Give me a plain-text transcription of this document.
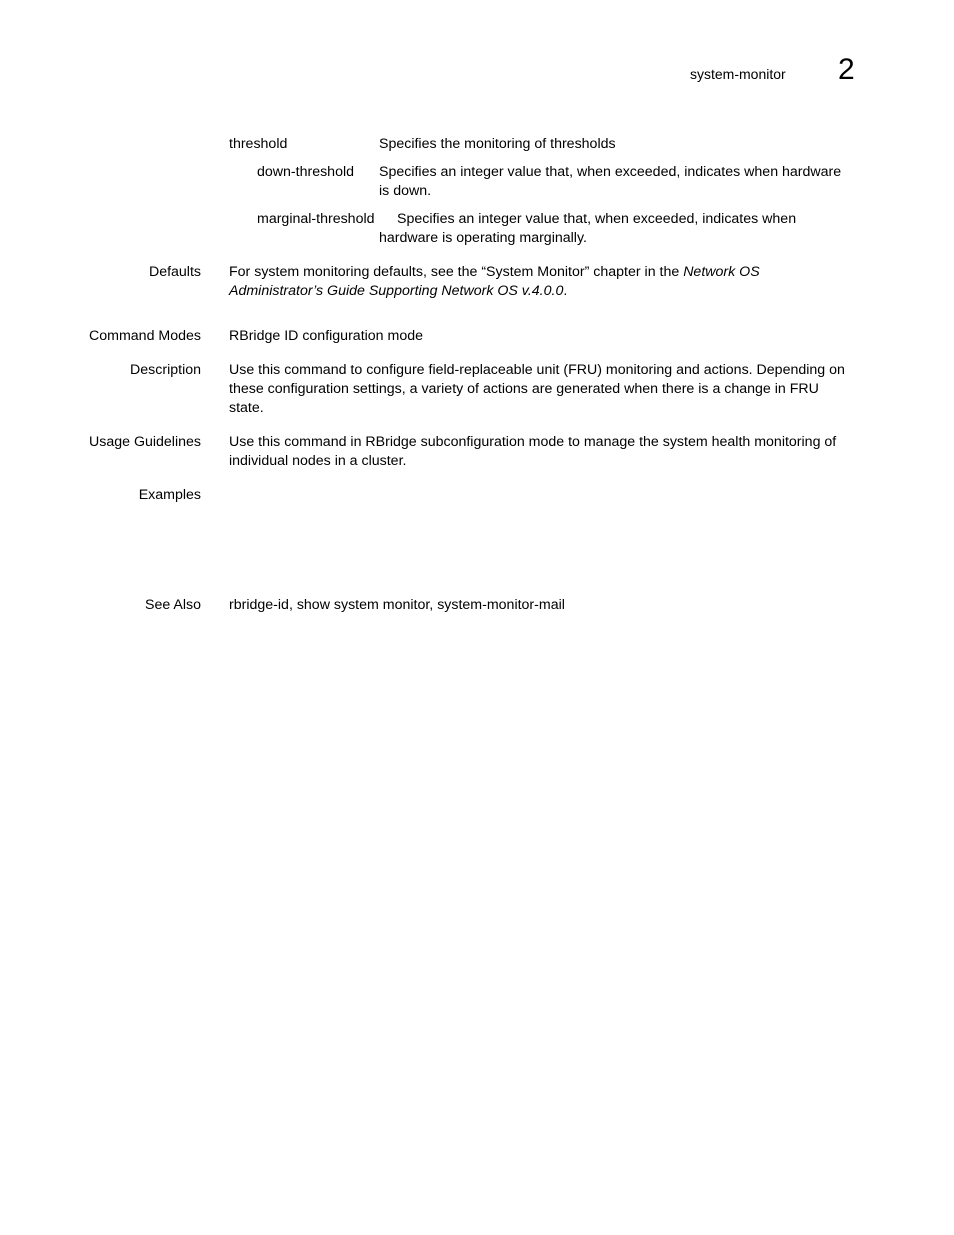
system-monitor 2
threshold	Specifies the monitoring of thresholds
down-threshold Specifies an integer value that, when exceeded, indicates when hardware
is down.
marginal-threshold	Specifies an integer value that, when exceeded, indicates when
hardware is operating marginally.
Defaults For system monitoring defaults, see the “System Monitor” chapter in the Network OS
Administrator’s Guide Supporting Network OS v.4.0.0.
Command Modes RBridge ID configuration mode
Description Use this command to configure field-replaceable unit (FRU) monitoring and actions. Depending on
these configuration settings, a variety of actions are generated when there is a change in FRU
state.
Usage Guidelines Use this command in RBridge subconfiguration mode to manage the system health monitoring of
individual nodes in a cluster.
Examples
See Also rbridge-id, show system monitor, system-monitor-mail
